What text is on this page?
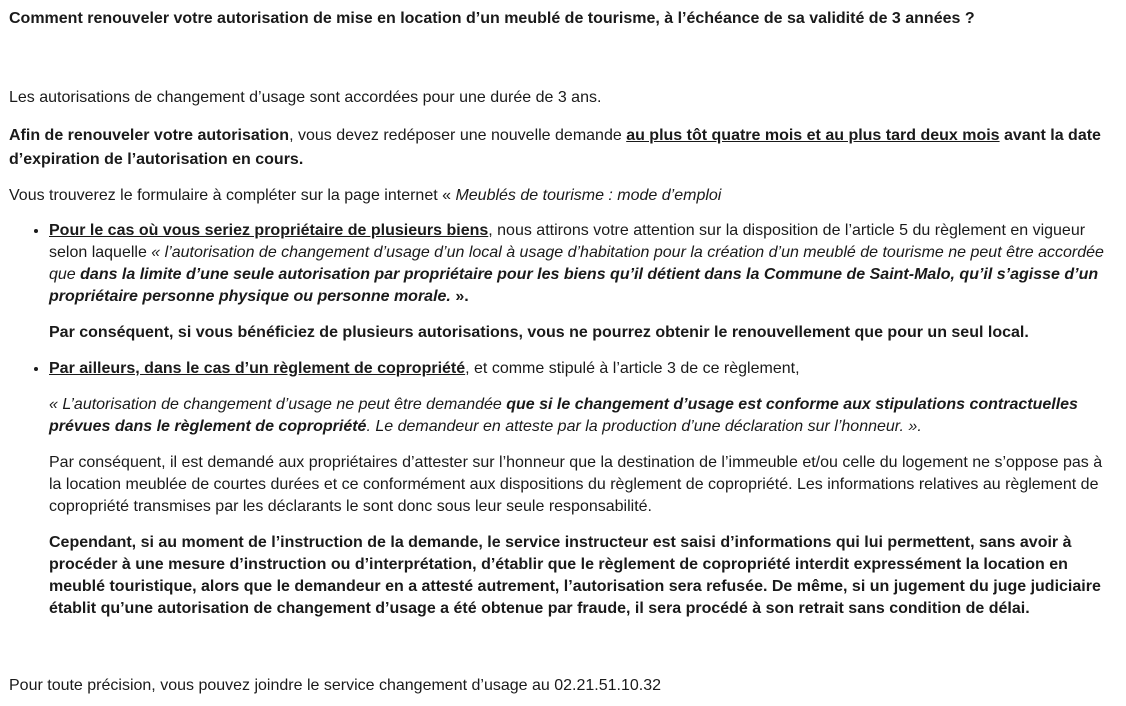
Comment renouveler votre autorisation de mise en location d’un meublé de tourisme, à l’échéance de sa validité de 3 années ?

Les autorisations de changement d’usage sont accordées pour une durée de 3 ans.

Afin de renouveler votre autorisation, vous devez redéposer une nouvelle demande au plus tôt quatre mois et au plus tard deux mois avant la date d’expiration de l’autorisation en cours.

Vous trouverez le formulaire à compléter sur la page internet « Meublés de tourisme : mode d’emploi

• Pour le cas où vous seriez propriétaire de plusieurs biens, nous attirons votre attention sur la disposition de l’article 5 du règlement en vigueur selon laquelle « l’autorisation de changement d’usage d’un local à usage d’habitation pour la création d’un meublé de tourisme ne peut être accordée que dans la limite d’une seule autorisation par propriétaire pour les biens qu’il détient dans la Commune de Saint-Malo, qu’il s’agisse d’un propriétaire personne physique ou personne morale. ».

Par conséquent, si vous bénéficiez de plusieurs autorisations, vous ne pourrez obtenir le renouvellement que pour un seul local.

• Par ailleurs, dans le cas d’un règlement de copropriété, et comme stipulé à l’article 3 de ce règlement,

« L’autorisation de changement d’usage ne peut être demandée que si le changement d’usage est conforme aux stipulations contractuelles prévues dans le règlement de copropriété. Le demandeur en atteste par la production d’une déclaration sur l’honneur. ».

Par conséquent, il est demandé aux propriétaires d’attester sur l’honneur que la destination de l’immeuble et/ou celle du logement ne s’oppose pas à la location meublée de courtes durées et ce conformément aux dispositions du règlement de copropriété. Les informations relatives au règlement de copropriété transmises par les déclarants le sont donc sous leur seule responsabilité.

Cependant, si au moment de l’instruction de la demande, le service instructeur est saisi d’informations qui lui permettent, sans avoir à procéder à une mesure d’instruction ou d’interprétation, d’établir que le règlement de copropriété interdit expressément la location en meublé touristique, alors que le demandeur en a attesté autrement, l’autorisation sera refusée. De même, si un jugement du juge judiciaire établit qu’une autorisation de changement d’usage a été obtenue par fraude, il sera procédé à son retrait sans condition de délai.

Pour toute précision, vous pouvez joindre le service changement d’usage au 02.21.51.10.32
